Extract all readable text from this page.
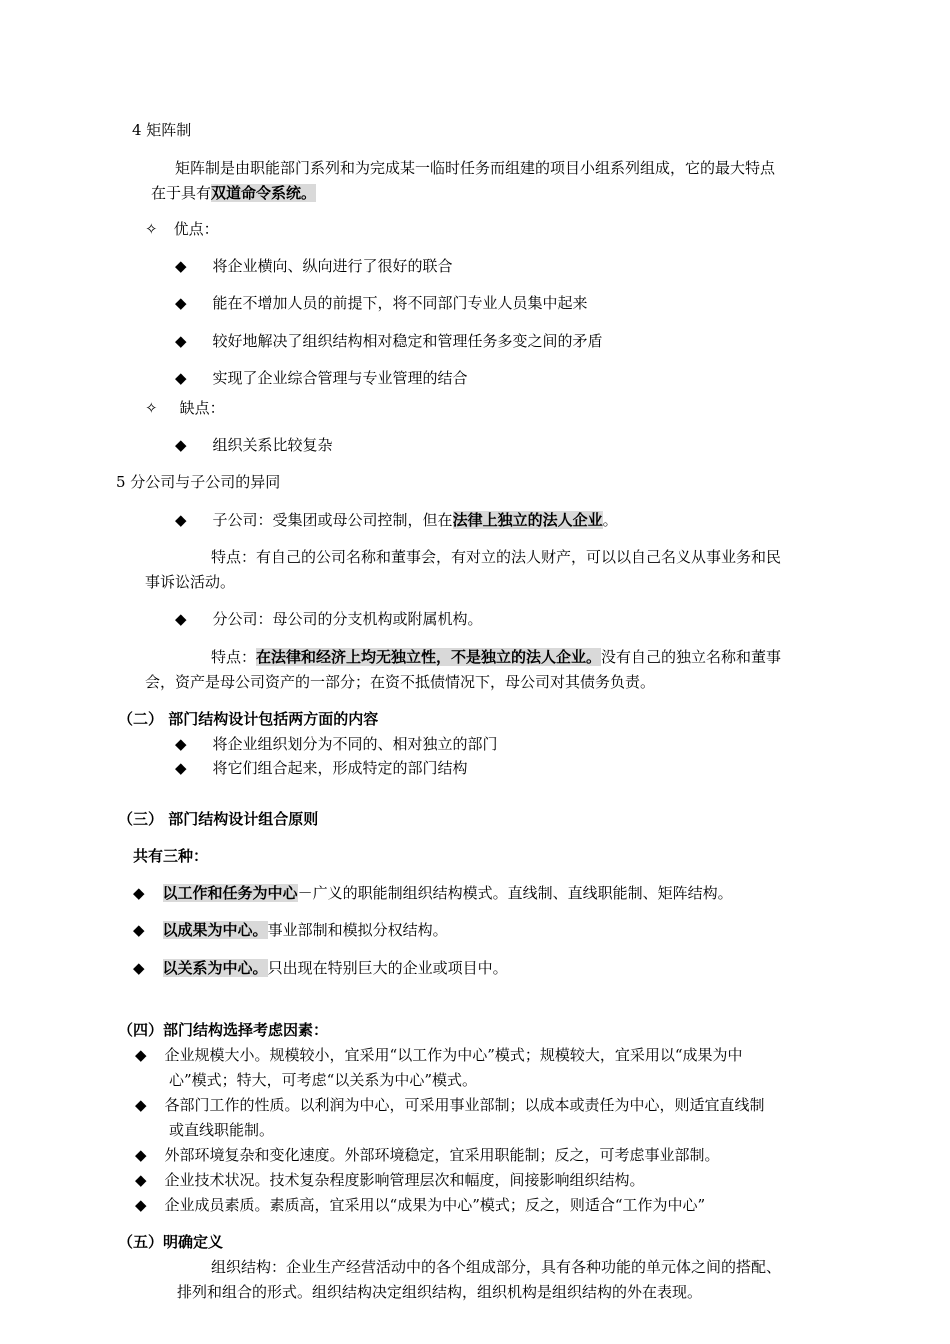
4 矩阵制
矩阵制是由职能部门系列和为完成某一临时任务而组建的项目小组系列组成，它的最大特点
在于具有双道命令系统。
✧ 优点：
◆ 将企业横向、纵向进行了很好的联合
◆ 能在不增加人员的前提下，将不同部门专业人员集中起来
◆ 较好地解决了组织结构相对稳定和管理任务多变之间的矛盾
◆ 实现了企业综合管理与专业管理的结合
✧ 缺点：
◆ 组织关系比较复杂
5 分公司与子公司的异同
◆ 子公司：受集团或母公司控制，但在法律上独立的法人企业。
特点：有自己的公司名称和董事会，有对立的法人财产，可以以自己名义从事业务和民
事诉讼活动。
◆ 分公司：母公司的分支机构或附属机构。
特点：在法律和经济上均无独立性，不是独立的法人企业。没有自己的独立名称和董事
会，资产是母公司资产的一部分；在资不抵债情况下，母公司对其债务负责。
（二） 部门结构设计包括两方面的内容
◆ 将企业组织划分为不同的、相对独立的部门
◆ 将它们组合起来，形成特定的部门结构
（三） 部门结构设计组合原则
共有三种：
◆ 以工作和任务为中心－广义的职能制组织结构模式。直线制、直线职能制、矩阵结构。
◆ 以成果为中心。事业部制和模拟分权结构。
◆ 以关系为中心。只出现在特别巨大的企业或项目中。
（四）部门结构选择考虑因素：
◆ 企业规模大小。规模较小，宜采用“以工作为中心”模式；规模较大，宜采用以“成果为中
心”模式；特大，可考虑“以关系为中心”模式。
◆ 各部门工作的性质。以利润为中心，可采用事业部制；以成本或责任为中心，则适宜直线制
或直线职能制。
◆ 外部环境复杂和变化速度。外部环境稳定，宜采用职能制；反之，可考虑事业部制。
◆ 企业技术状况。技术复杂程度影响管理层次和幅度，间接影响组织结构。
◆ 企业成员素质。素质高，宜采用以“成果为中心”模式；反之，则适合“工作为中心”
（五）明确定义
组织结构：企业生产经营活动中的各个组成部分，具有各种功能的单元体之间的搭配、
排列和组合的形式。组织结构决定组织结构，组织机构是组织结构的外在表现。
